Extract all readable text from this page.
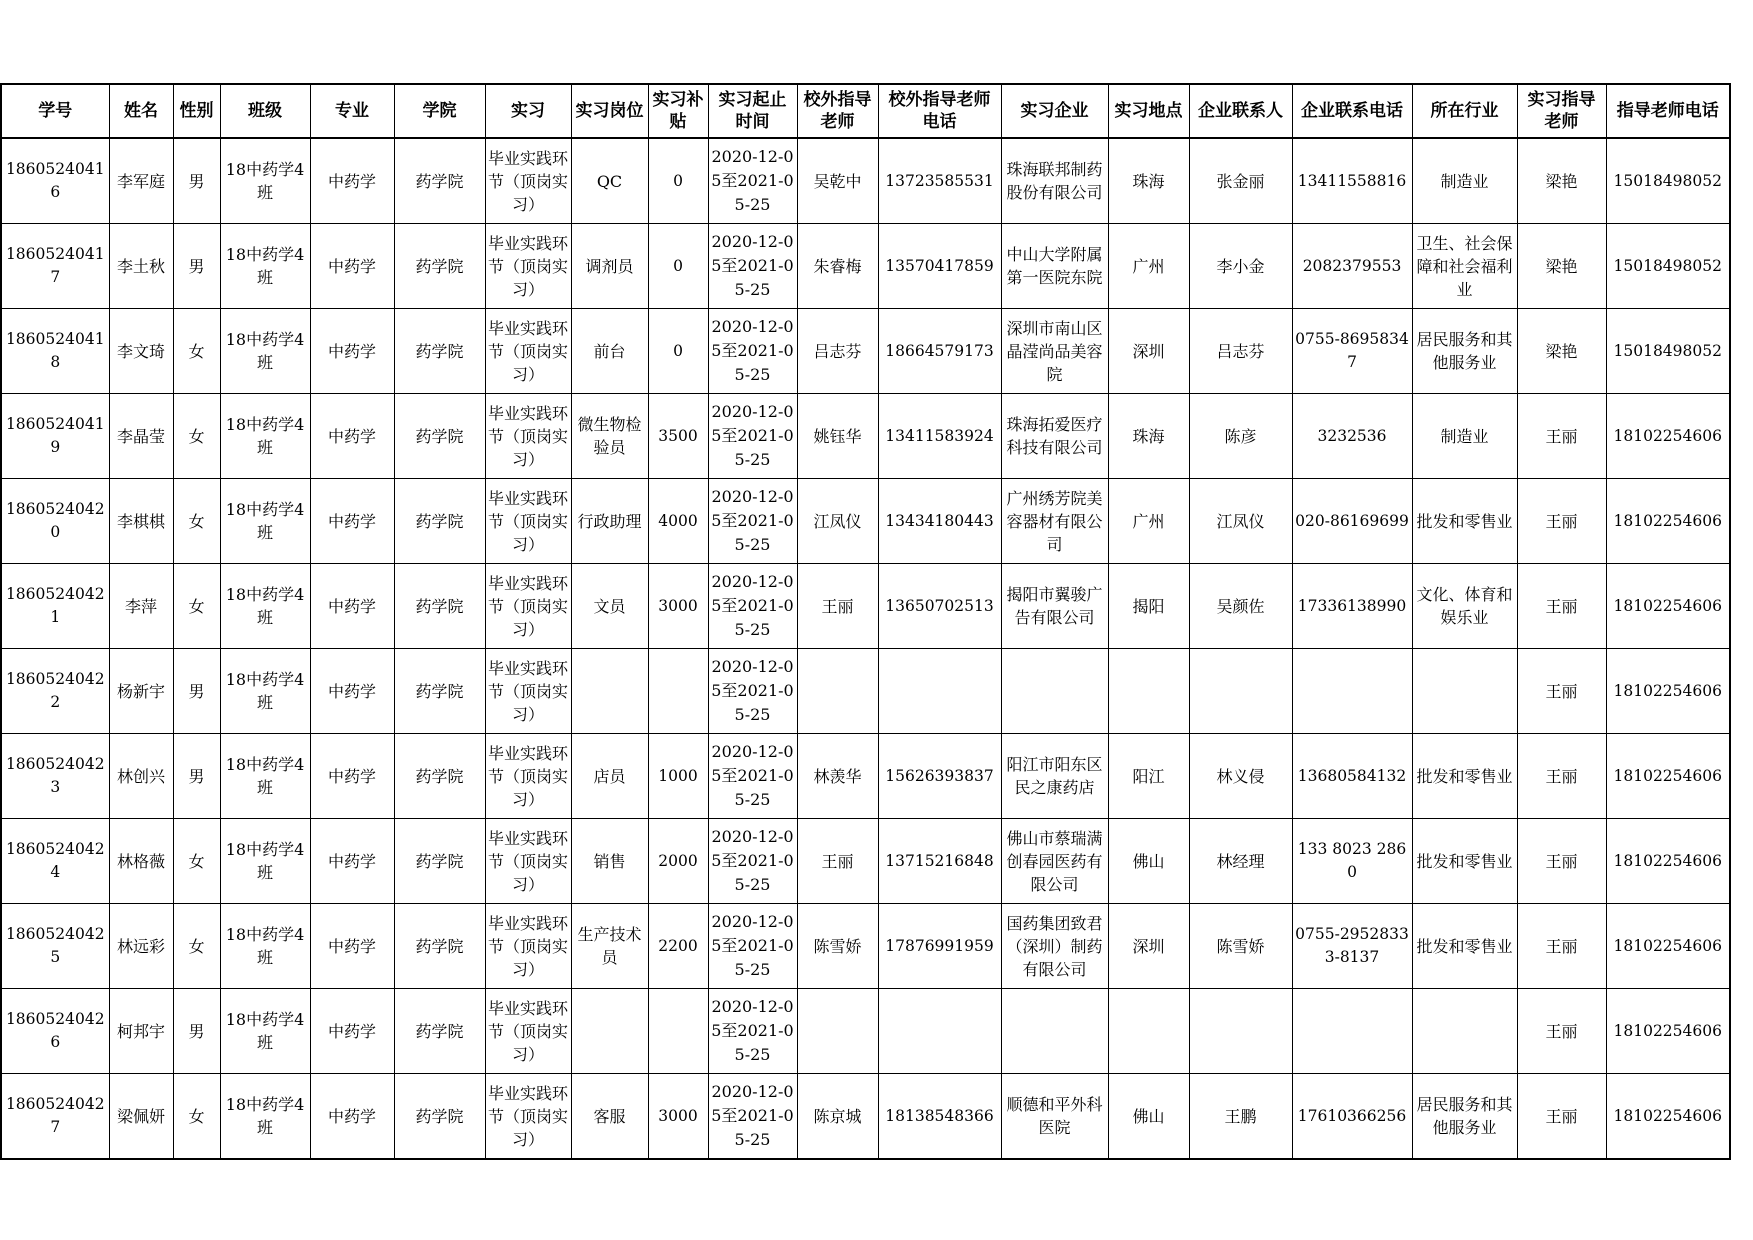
学号	姓名	性别	班级	专业	学院	实习	实习岗位	实习补贴	实习起止时间	校外指导老师	校外指导老师电话	实习企业	实习地点	企业联系人	企业联系电话	所在行业	实习指导老师	指导老师电话

18605240416	李军庭	男	18中药学4班	中药学	药学院	毕业实践环节（顶岗实习）	QC	0	2020-12-05至2021-05-25	吴乾中	13723585531	珠海联邦制药股份有限公司	珠海	张金丽	13411558816	制造业	梁艳	15018498052

18605240417	李土秋	男	18中药学4班	中药学	药学院	毕业实践环节（顶岗实习）	调剂员	0	2020-12-05至2021-05-25	朱睿梅	13570417859	中山大学附属第一医院东院	广州	李小金	2082379553	卫生、社会保障和社会福利业	梁艳	15018498052

18605240418	李文琦	女	18中药学4班	中药学	药学院	毕业实践环节（顶岗实习）	前台	0	2020-12-05至2021-05-25	吕志芬	18664579173	深圳市南山区晶滢尚品美容院	深圳	吕志芬	0755-86958347	居民服务和其他服务业	梁艳	15018498052

18605240419	李晶莹	女	18中药学4班	中药学	药学院	毕业实践环节（顶岗实习）	微生物检验员	3500	2020-12-05至2021-05-25	姚钰华	13411583924	珠海拓爱医疗科技有限公司	珠海	陈彦	3232536	制造业	王丽	18102254606

18605240420	李棋棋	女	18中药学4班	中药学	药学院	毕业实践环节（顶岗实习）	行政助理	4000	2020-12-05至2021-05-25	江凤仪	13434180443	广州绣芳院美容器材有限公司	广州	江凤仪	020-86169699	批发和零售业	王丽	18102254606

18605240421	李萍	女	18中药学4班	中药学	药学院	毕业实践环节（顶岗实习）	文员	3000	2020-12-05至2021-05-25	王丽	13650702513	揭阳市翼骏广告有限公司	揭阳	吴颜佐	17336138990	文化、体育和娱乐业	王丽	18102254606

18605240422	杨新宇	男	18中药学4班	中药学	药学院	毕业实践环节（顶岗实习）			2020-12-05至2021-05-25								王丽	18102254606

18605240423	林创兴	男	18中药学4班	中药学	药学院	毕业实践环节（顶岗实习）	店员	1000	2020-12-05至2021-05-25	林羡华	15626393837	阳江市阳东区民之康药店	阳江	林义侵	13680584132	批发和零售业	王丽	18102254606

18605240424	林格薇	女	18中药学4班	中药学	药学院	毕业实践环节（顶岗实习）	销售	2000	2020-12-05至2021-05-25	王丽	13715216848	佛山市蔡瑞满创春园医药有限公司	佛山	林经理	133 8023 2860	批发和零售业	王丽	18102254606

18605240425	林远彩	女	18中药学4班	中药学	药学院	毕业实践环节（顶岗实习）	生产技术员	2200	2020-12-05至2021-05-25	陈雪娇	17876991959	国药集团致君（深圳）制药有限公司	深圳	陈雪娇	0755-29528333-8137	批发和零售业	王丽	18102254606

18605240426	柯邦宇	男	18中药学4班	中药学	药学院	毕业实践环节（顶岗实习）			2020-12-05至2021-05-25								王丽	18102254606

18605240427	梁佩妍	女	18中药学4班	中药学	药学院	毕业实践环节（顶岗实习）	客服	3000	2020-12-05至2021-05-25	陈京城	18138548366	顺德和平外科医院	佛山	王鹏	17610366256	居民服务和其他服务业	王丽	18102254606
